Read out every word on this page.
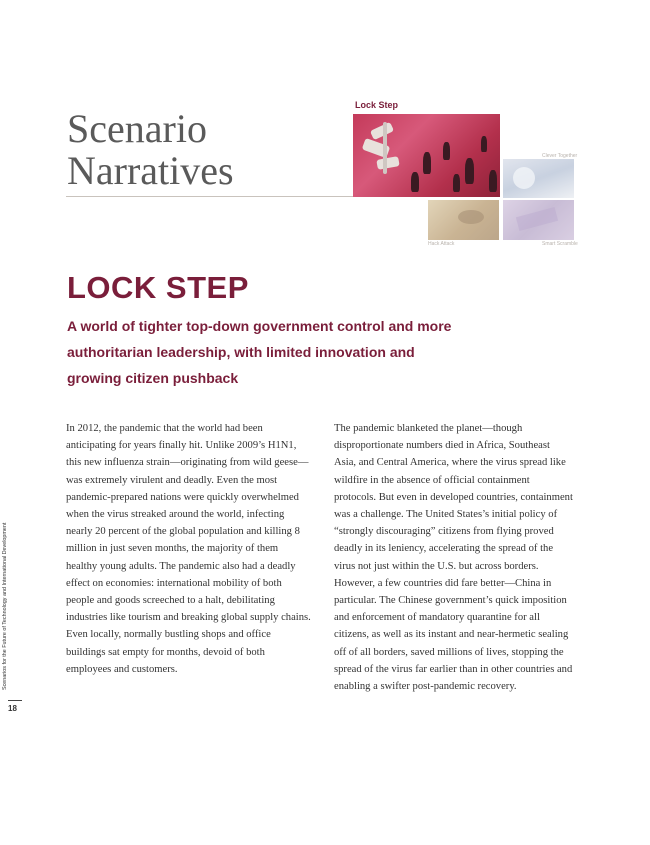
Scenario
Narratives
Lock Step
Clever Together
Hack Attack	Smart Scramble
LOCK STEP

A world of tighter top-down government control and more authoritarian leadership, with limited innovation and growing citizen pushback

In 2012, the pandemic that the world had been anticipating for years finally hit. Unlike 2009’s H1N1, this new influenza strain—originating from wild geese—was extremely virulent and deadly. Even the most pandemic-prepared nations were quickly overwhelmed when the virus streaked around the world, infecting nearly 20 percent of the global population and killing 8 million in just seven months, the majority of them healthy young adults. The pandemic also had a deadly effect on economies: international mobility of both people and goods screeched to a halt, debilitating industries like tourism and breaking global supply chains. Even locally, normally bustling shops and office buildings sat empty for months, devoid of both employees and customers.

The pandemic blanketed the planet—though disproportionate numbers died in Africa, Southeast Asia, and Central America, where the virus spread like wildfire in the absence of official containment protocols. But even in developed countries, containment was a challenge. The United States’s initial policy of “strongly discouraging” citizens from flying proved deadly in its leniency, accelerating the spread of the virus not just within the U.S. but across borders. However, a few countries did fare better—China in particular. The Chinese government’s quick imposition and enforcement of mandatory quarantine for all citizens, as well as its instant and near-hermetic sealing off of all borders, saved millions of lives, stopping the spread of the virus far earlier than in other countries and enabling a swifter post-pandemic recovery.

Scenarios for the Future of Technology and International Development
18
